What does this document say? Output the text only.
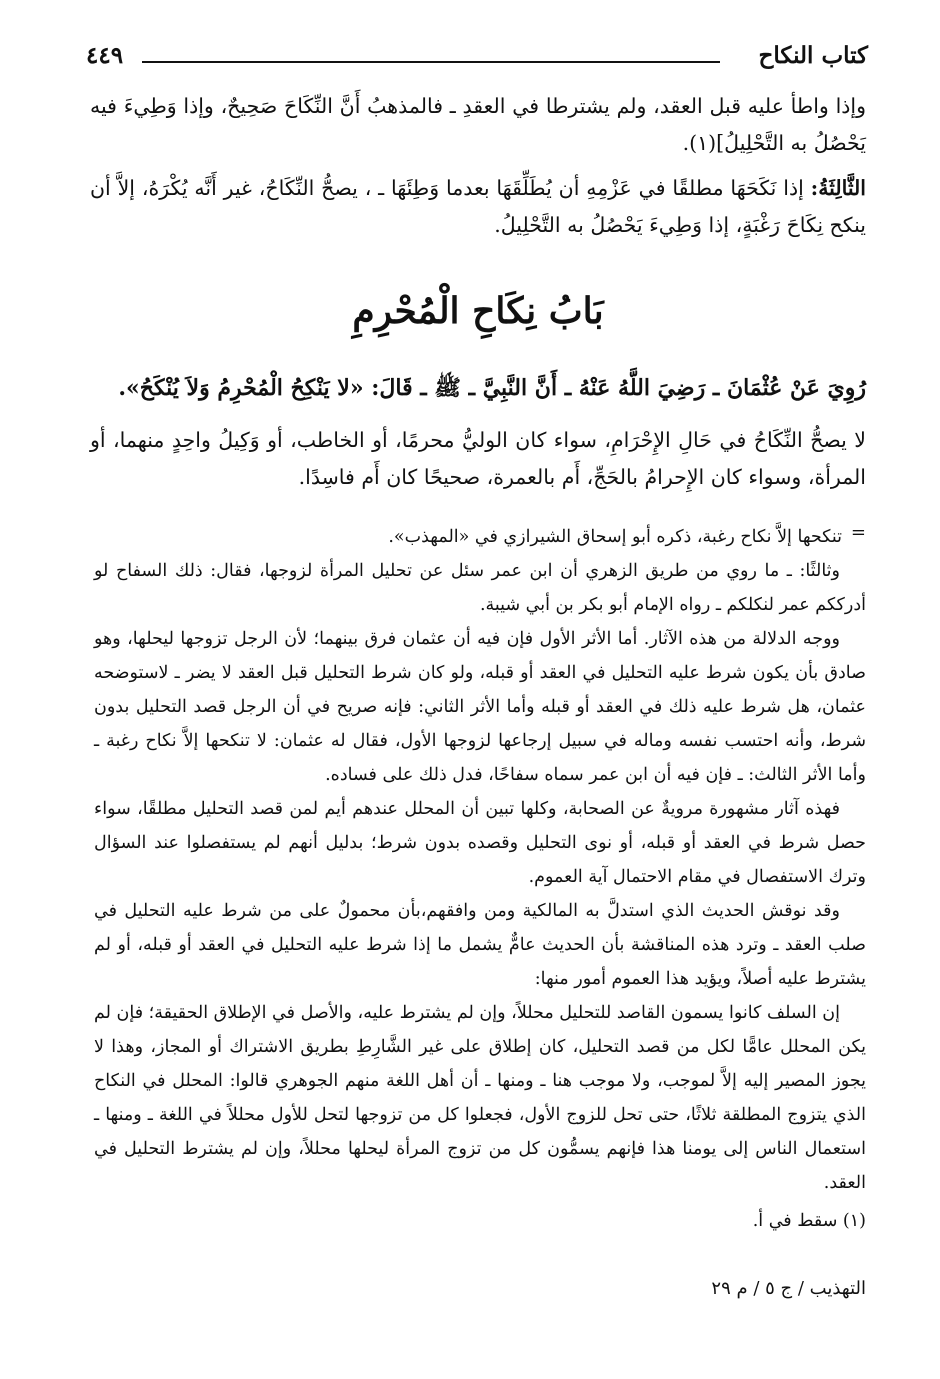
كتاب النكاح
٤٤٩

وإذا واطأ عليه قبل العقد، ولم يشترطا في العقدِ ـ فالمذهبُ أَنَّ النِّكَاحَ صَحِيحٌ، وإذا وَطِيءَ فيه يَحْصُلُ به التَّحْلِيلُ](١).

الثَّالِثَةُ: إذا نَكَحَهَا مطلقًا في عَزْمِهِ أن يُطَلِّقَهَا بعدما وَطِئَهَا ـ ، يصحُّ النِّكَاحُ، غير أَنَّه يُكْرَهُ، إلاَّ أن ينكح نِكَاحَ رَغْبَةٍ، إذا وَطِيءَ يَحْصُلُ به التَّحْلِيلُ.

بَابُ نِكَاحِ الْمُحْرِمِ

رُوِيَ عَنْ عُثْمَانَ ـ رَضِيَ اللَّهُ عَنْهُ ـ أَنَّ النَّبِيَّ ـ ﷺ ـ قَالَ: «لا يَنْكِحُ الْمُحْرِمُ وَلاَ يُنْكَحُ».

لا يصحُّ النِّكَاحُ في حَالِ الإِحْرَامِ، سواء كان الوليُّ محرمًا، أو الخاطب، أو وَكِيلُ واحِدٍ منهما، أو المرأة، وسواء كان الإِحرامُ بالحَجِّ، أَم بالعمرة، صحيحًا كان أَم فاسِدًا.

=

تنكحها إلاَّ نكاح رغبة، ذكره أبو إسحاق الشيرازي في «المهذب».

وثالثًا: ـ ما روي من طريق الزهري أن ابن عمر سئل عن تحليل المرأة لزوجها، فقال: ذلك السفاح لو أدرككم عمر لنكلكم ـ رواه الإمام أبو بكر بن أبي شيبة.

ووجه الدلالة من هذه الآثار. أما الأثر الأول فإن فيه أن عثمان فرق بينهما؛ لأن الرجل تزوجها ليحلها، وهو صادق بأن يكون شرط عليه التحليل في العقد أو قبله، ولو كان شرط التحليل قبل العقد لا يضر ـ لاستوضحه عثمان، هل شرط عليه ذلك في العقد أو قبله وأما الأثر الثاني: فإنه صريح في أن الرجل قصد التحليل بدون شرط، وأنه احتسب نفسه وماله في سبيل إرجاعها لزوجها الأول، فقال له عثمان: لا تنكحها إلاَّ نكاح رغبة ـ وأما الأثر الثالث: ـ فإن فيه أن ابن عمر سماه سفاحًا، فدل ذلك على فساده.

فهذه آثار مشهورة مرويةٌ عن الصحابة، وكلها تبين أن المحلل عندهم أيم لمن قصد التحليل مطلقًا، سواء حصل شرط في العقد أو قبله، أو نوى التحليل وقصده بدون شرط؛ بدليل أنهم لم يستفصلوا عند السؤال وترك الاستفصال في مقام الاحتمال آية العموم.

وقد نوقش الحديث الذي استدلَّ به المالكية ومن وافقهم،بأن محمولٌ على من شرط عليه التحليل في صلب العقد ـ وترد هذه المناقشة بأن الحديث عامٌّ يشمل ما إذا شرط عليه التحليل في العقد أو قبله، أو لم يشترط عليه أصلاً، ويؤيد هذا العموم أمور منها:

إن السلف كانوا يسمون القاصد للتحليل محللاً، وإن لم يشترط عليه، والأصل في الإطلاق الحقيقة؛ فإن لم يكن المحلل عامًّا لكل من قصد التحليل، كان إطلاق على غير الشَّارِطِ بطريق الاشتراك أو المجاز، وهذا لا يجوز المصير إليه إلاَّ لموجب، ولا موجب هنا ـ ومنها ـ أن أهل اللغة منهم الجوهري قالوا: المحلل في النكاح الذي يتزوج المطلقة ثلاثًا، حتى تحل للزوج الأول، فجعلوا كل من تزوجها لتحل للأول محللاً في اللغة ـ ومنها ـ استعمال الناس إلى يومنا هذا فإنهم يسمُّون كل من تزوج المرأة ليحلها محللاً، وإن لم يشترط التحليل في العقد.

(١) سقط في أ.

التهذيب / ج ٥ / م ٢٩
